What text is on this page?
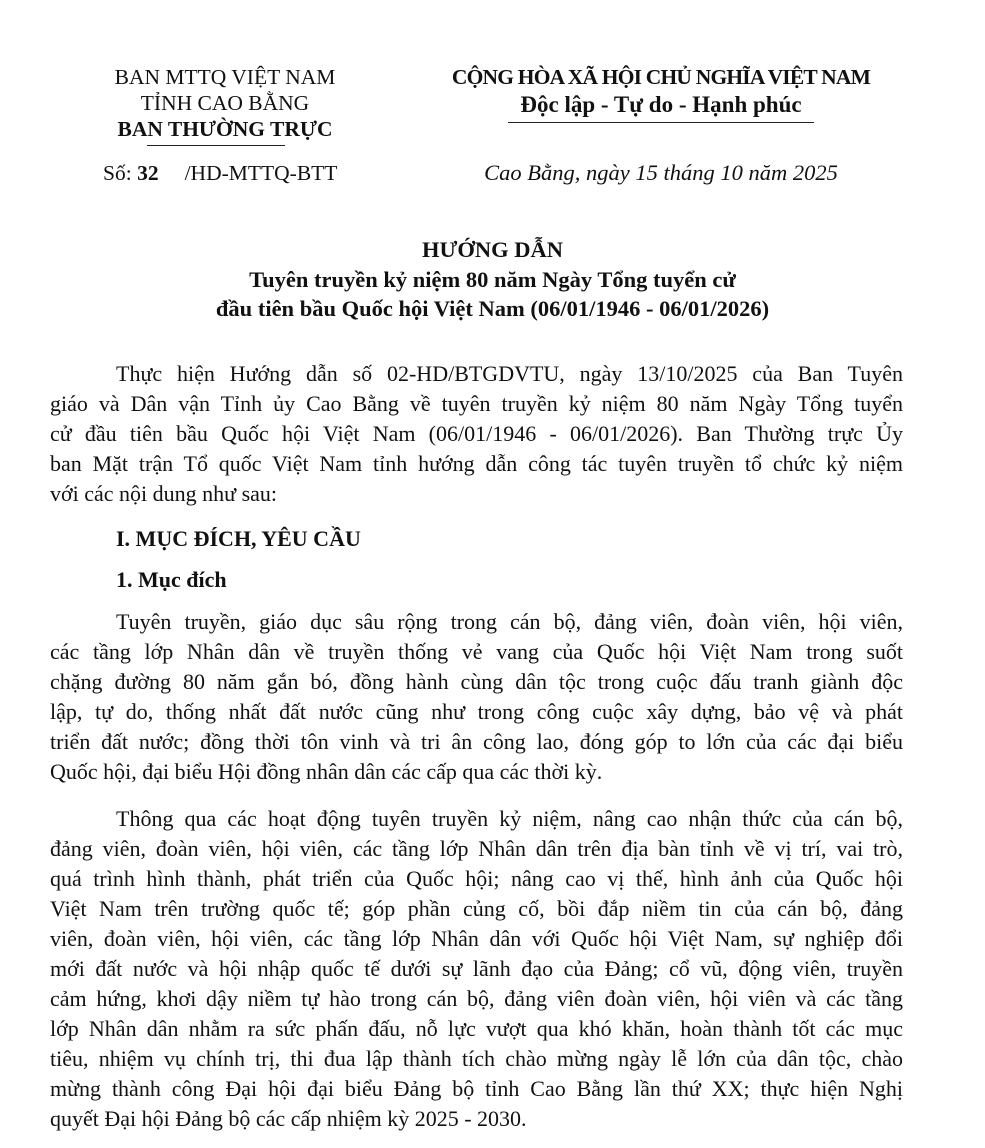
BAN MTTQ VIỆT NAM
TỈNH CAO BẰNG
BAN THƯỜNG TRỰC
Số: 32 /HD-MTTQ-BTT
CỘNG HÒA XÃ HỘI CHỦ NGHĨA VIỆT NAM
Độc lập - Tự do - Hạnh phúc
Cao Bằng, ngày 15 tháng 10 năm 2025
HƯỚNG DẪN
Tuyên truyền kỷ niệm 80 năm Ngày Tổng tuyển cử
đầu tiên bầu Quốc hội Việt Nam (06/01/1946 - 06/01/2026)
Thực hiện Hướng dẫn số 02-HD/BTGDVTU, ngày 13/10/2025 của Ban Tuyên
giáo và Dân vận Tỉnh ủy Cao Bằng về tuyên truyền kỷ niệm 80 năm Ngày Tổng tuyển
cử đầu tiên bầu Quốc hội Việt Nam (06/01/1946 - 06/01/2026). Ban Thường trực Ủy
ban Mặt trận Tổ quốc Việt Nam tỉnh hướng dẫn công tác tuyên truyền tổ chức kỷ niệm
với các nội dung như sau:
I. MỤC ĐÍCH, YÊU CẦU
1. Mục đích
Tuyên truyền, giáo dục sâu rộng trong cán bộ, đảng viên, đoàn viên, hội viên,
các tầng lớp Nhân dân về truyền thống vẻ vang của Quốc hội Việt Nam trong suốt
chặng đường 80 năm gắn bó, đồng hành cùng dân tộc trong cuộc đấu tranh giành độc
lập, tự do, thống nhất đất nước cũng như trong công cuộc xây dựng, bảo vệ và phát
triển đất nước; đồng thời tôn vinh và tri ân công lao, đóng góp to lớn của các đại biểu
Quốc hội, đại biểu Hội đồng nhân dân các cấp qua các thời kỳ.
Thông qua các hoạt động tuyên truyền kỷ niệm, nâng cao nhận thức của cán bộ,
đảng viên, đoàn viên, hội viên, các tầng lớp Nhân dân trên địa bàn tỉnh về vị trí, vai trò,
quá trình hình thành, phát triển của Quốc hội; nâng cao vị thế, hình ảnh của Quốc hội
Việt Nam trên trường quốc tế; góp phần củng cố, bồi đắp niềm tin của cán bộ, đảng
viên, đoàn viên, hội viên, các tầng lớp Nhân dân với Quốc hội Việt Nam, sự nghiệp đổi
mới đất nước và hội nhập quốc tế dưới sự lãnh đạo của Đảng; cổ vũ, động viên, truyền
cảm hứng, khơi dậy niềm tự hào trong cán bộ, đảng viên đoàn viên, hội viên và các tầng
lớp Nhân dân nhằm ra sức phấn đấu, nỗ lực vượt qua khó khăn, hoàn thành tốt các mục
tiêu, nhiệm vụ chính trị, thi đua lập thành tích chào mừng ngày lễ lớn của dân tộc, chào
mừng thành công Đại hội đại biểu Đảng bộ tỉnh Cao Bằng lần thứ XX; thực hiện Nghị
quyết Đại hội Đảng bộ các cấp nhiệm kỳ 2025 - 2030.
